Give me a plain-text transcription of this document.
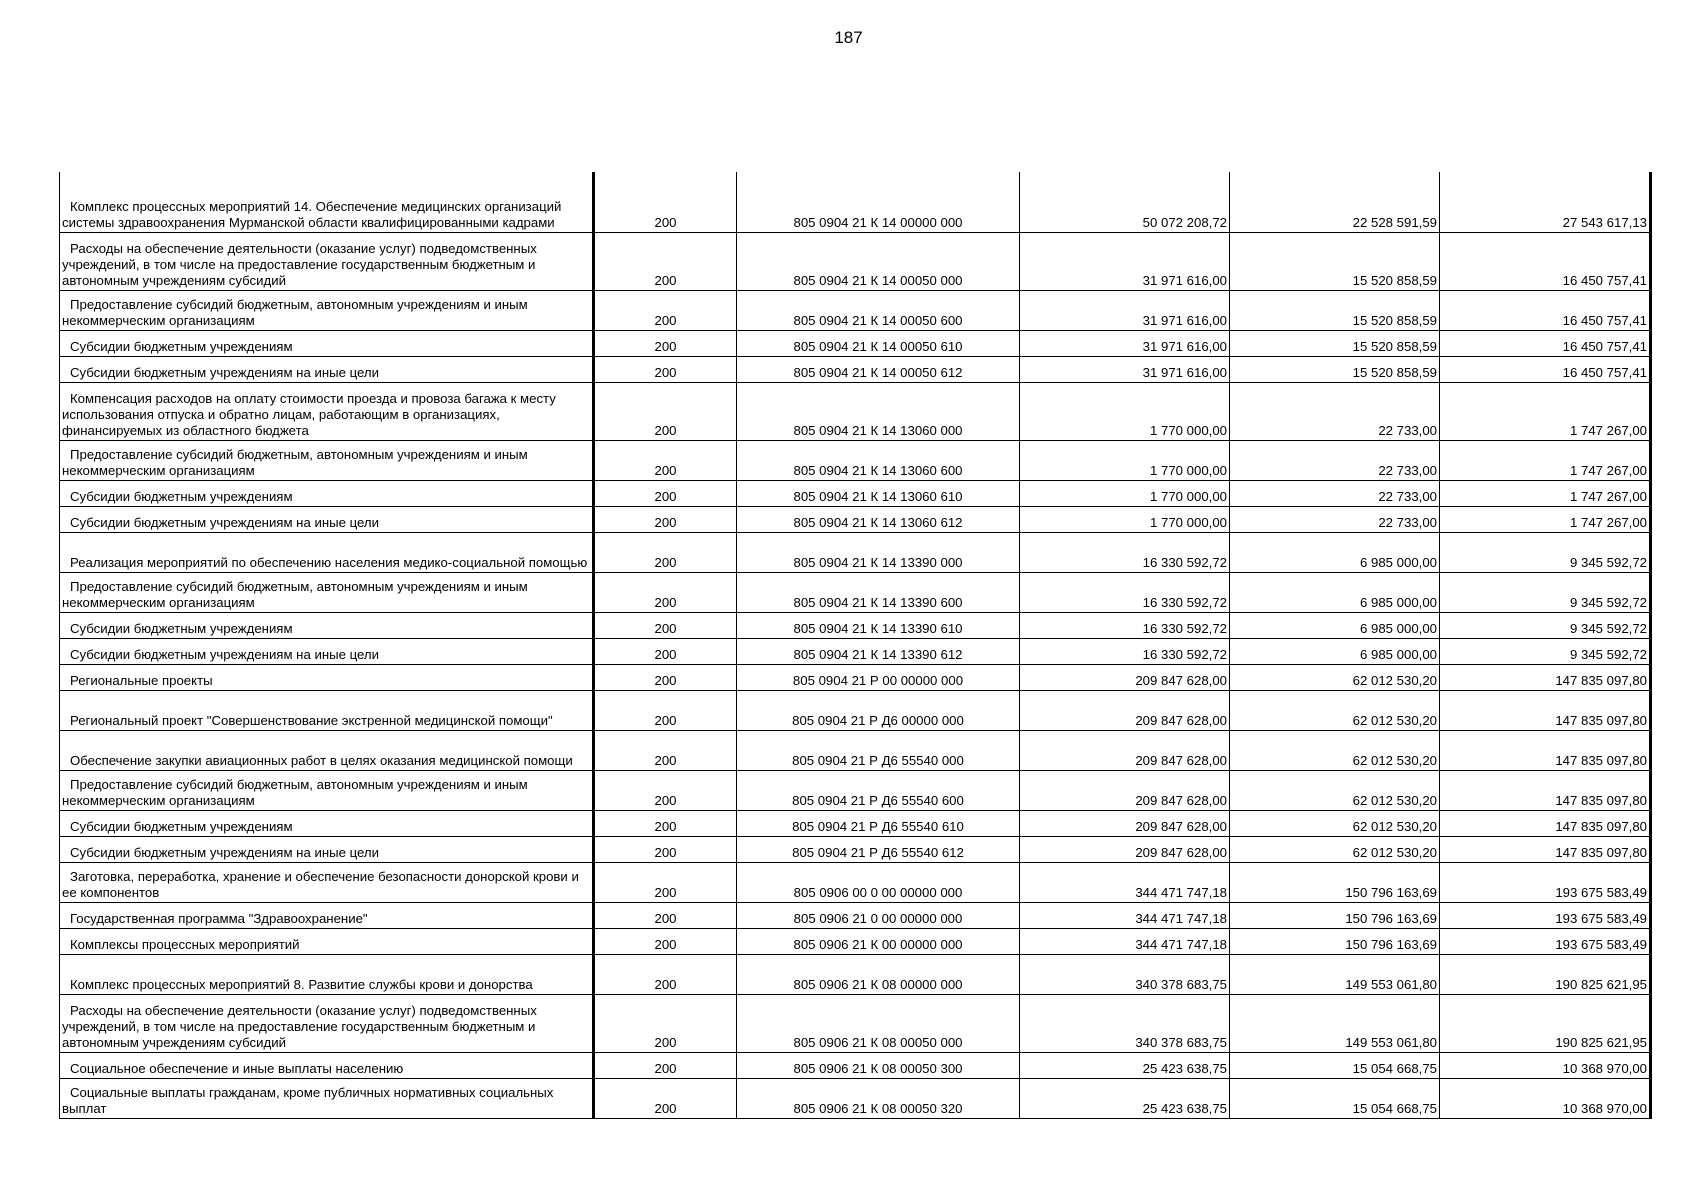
187
Комплекс процессных мероприятий 14. Обеспечение медицинских организаций системы здравоохранения Мурманской области квалифицированными кадрами	200	805 0904 21 К 14 00000 000	50 072 208,72	22 528 591,59	27 543 617,13
Расходы на обеспечение деятельности (оказание услуг) подведомственных учреждений, в том числе на предоставление государственным бюджетным и автономным учреждениям субсидий	200	805 0904 21 К 14 00050 000	31 971 616,00	15 520 858,59	16 450 757,41
Предоставление субсидий бюджетным, автономным учреждениям и иным некоммерческим организациям	200	805 0904 21 К 14 00050 600	31 971 616,00	15 520 858,59	16 450 757,41
Субсидии бюджетным учреждениям	200	805 0904 21 К 14 00050 610	31 971 616,00	15 520 858,59	16 450 757,41
Субсидии бюджетным учреждениям на иные цели	200	805 0904 21 К 14 00050 612	31 971 616,00	15 520 858,59	16 450 757,41
Компенсация расходов на оплату стоимости проезда и провоза багажа к месту использования отпуска и обратно лицам, работающим в организациях, финансируемых из областного бюджета	200	805 0904 21 К 14 13060 000	1 770 000,00	22 733,00	1 747 267,00
Предоставление субсидий бюджетным, автономным учреждениям и иным некоммерческим организациям	200	805 0904 21 К 14 13060 600	1 770 000,00	22 733,00	1 747 267,00
Субсидии бюджетным учреждениям	200	805 0904 21 К 14 13060 610	1 770 000,00	22 733,00	1 747 267,00
Субсидии бюджетным учреждениям на иные цели	200	805 0904 21 К 14 13060 612	1 770 000,00	22 733,00	1 747 267,00
Реализация мероприятий по обеспечению населения медико-социальной помощью	200	805 0904 21 К 14 13390 000	16 330 592,72	6 985 000,00	9 345 592,72
Предоставление субсидий бюджетным, автономным учреждениям и иным некоммерческим организациям	200	805 0904 21 К 14 13390 600	16 330 592,72	6 985 000,00	9 345 592,72
Субсидии бюджетным учреждениям	200	805 0904 21 К 14 13390 610	16 330 592,72	6 985 000,00	9 345 592,72
Субсидии бюджетным учреждениям на иные цели	200	805 0904 21 К 14 13390 612	16 330 592,72	6 985 000,00	9 345 592,72
Региональные проекты	200	805 0904 21 Р 00 00000 000	209 847 628,00	62 012 530,20	147 835 097,80
Региональный проект "Совершенствование экстренной медицинской помощи"	200	805 0904 21 Р Д6 00000 000	209 847 628,00	62 012 530,20	147 835 097,80
Обеспечение закупки авиационных работ в целях оказания медицинской помощи	200	805 0904 21 Р Д6 55540 000	209 847 628,00	62 012 530,20	147 835 097,80
Предоставление субсидий бюджетным, автономным учреждениям и иным некоммерческим организациям	200	805 0904 21 Р Д6 55540 600	209 847 628,00	62 012 530,20	147 835 097,80
Субсидии бюджетным учреждениям	200	805 0904 21 Р Д6 55540 610	209 847 628,00	62 012 530,20	147 835 097,80
Субсидии бюджетным учреждениям на иные цели	200	805 0904 21 Р Д6 55540 612	209 847 628,00	62 012 530,20	147 835 097,80
Заготовка, переработка, хранение и обеспечение безопасности донорской крови и ее компонентов	200	805 0906 00 0 00 00000 000	344 471 747,18	150 796 163,69	193 675 583,49
Государственная программа "Здравоохранение"	200	805 0906 21 0 00 00000 000	344 471 747,18	150 796 163,69	193 675 583,49
Комплексы процессных мероприятий	200	805 0906 21 К 00 00000 000	344 471 747,18	150 796 163,69	193 675 583,49
Комплекс процессных мероприятий 8. Развитие службы крови и донорства	200	805 0906 21 К 08 00000 000	340 378 683,75	149 553 061,80	190 825 621,95
Расходы на обеспечение деятельности (оказание услуг) подведомственных учреждений, в том числе на предоставление государственным бюджетным и автономным учреждениям субсидий	200	805 0906 21 К 08 00050 000	340 378 683,75	149 553 061,80	190 825 621,95
Социальное обеспечение и иные выплаты населению	200	805 0906 21 К 08 00050 300	25 423 638,75	15 054 668,75	10 368 970,00
Социальные выплаты гражданам, кроме публичных нормативных социальных выплат	200	805 0906 21 К 08 00050 320	25 423 638,75	15 054 668,75	10 368 970,00
